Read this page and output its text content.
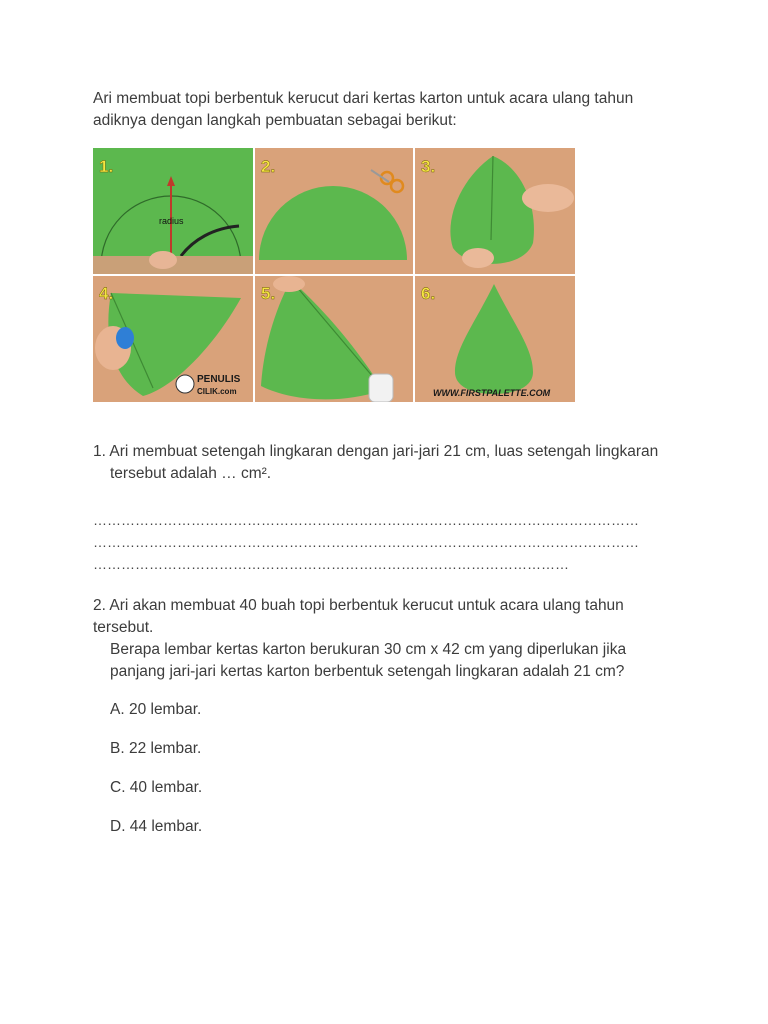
Ari membuat topi berbentuk kerucut dari kertas karton untuk acara ulang tahun adiknya dengan langkah pembuatan sebagai berikut:
radius
PENULIS
CILIK.com	WWW.FIRSTPALETTE.COM
1.	2.	3.
4.	5.	6.
1. Ari membuat setengah lingkaran dengan jari-jari 21 cm, luas setengah lingkaran
tersebut adalah … cm².
………………………………………………………………………………………………………
………………………………………………………………………………………………………
…………………………………………………………………………………………
2. Ari akan membuat 40 buah topi berbentuk kerucut untuk acara ulang tahun tersebut.
Berapa lembar kertas karton berukuran 30 cm x 42 cm yang diperlukan jika panjang jari-jari kertas karton berbentuk setengah lingkaran adalah 21 cm?
A. 20 lembar.
B. 22 lembar.
C. 40 lembar.
D. 44 lembar.
